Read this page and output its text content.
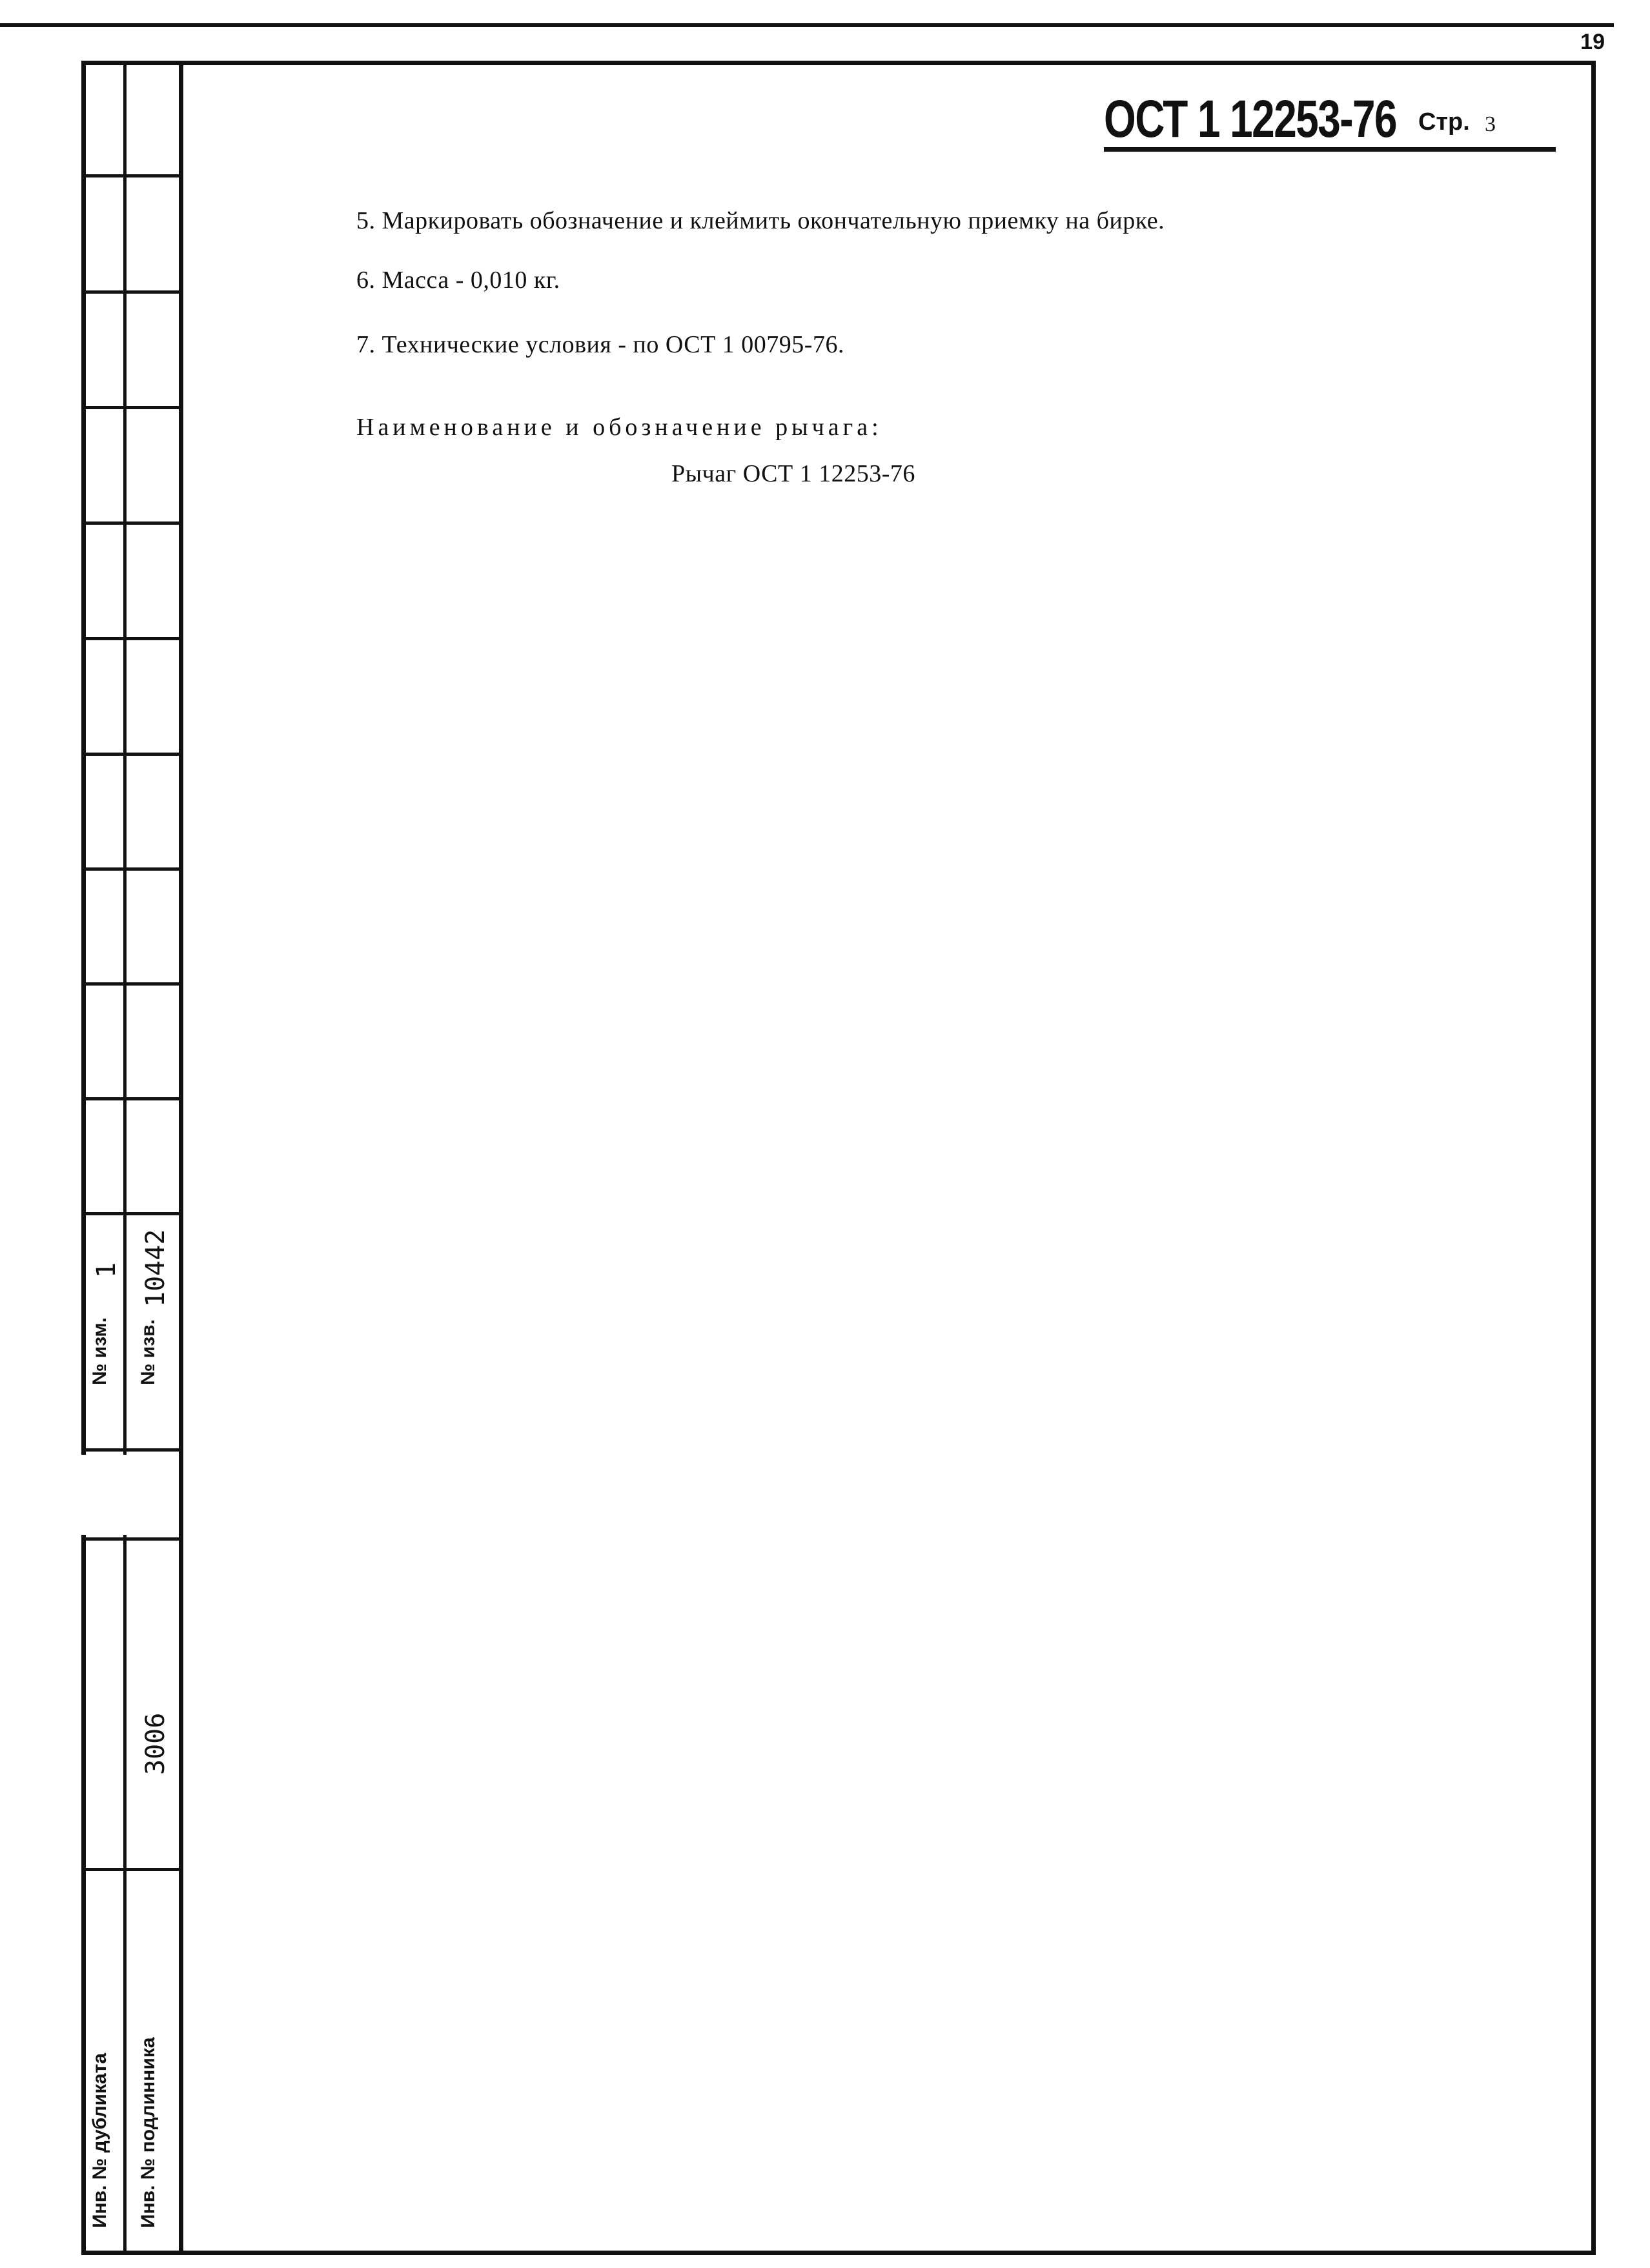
19
№ изм.
1
№ изв.
10442
Инв. № дубликата Инв. № подлинника
3006
ОСТ 1 12253-76 Стр. 3
5. Маркировать обозначение и клеймить окончательную приемку на бирке.
6. Масса - 0,010 кг.
7. Технические условия - по ОСТ 1 00795-76.
Наименование и обозначение рычага:
Рычаг ОСТ 1 12253-76
